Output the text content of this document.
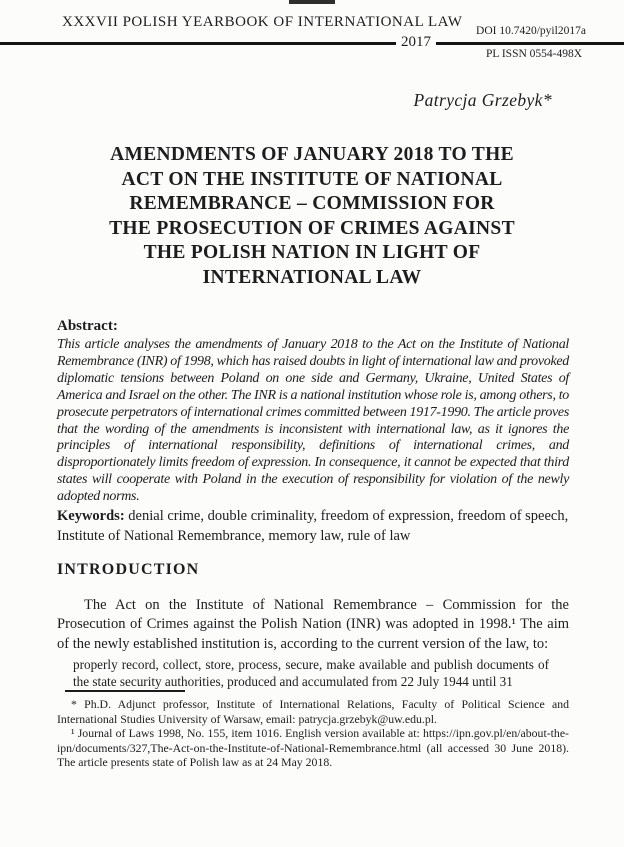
XXXVII POLISH YEARBOOK OF INTERNATIONAL LAW
2017
DOI 10.7420/pyil2017a
PL ISSN 0554-498X
Patrycja Grzebyk*
AMENDMENTS OF JANUARY 2018 TO THE
ACT ON THE INSTITUTE OF NATIONAL
REMEMBRANCE – COMMISSION FOR
THE PROSECUTION OF CRIMES AGAINST
THE POLISH NATION IN LIGHT OF
INTERNATIONAL LAW
Abstract:
This article analyses the amendments of January 2018 to the Act on the Institute of National Remembrance (INR) of 1998, which has raised doubts in light of international law and provoked diplomatic tensions between Poland on one side and Germany, Ukraine, United States of America and Israel on the other. The INR is a national institution whose role is, among others, to prosecute perpetrators of international crimes committed between 1917-1990. The article proves that the wording of the amendments is inconsistent with international law, as it ignores the principles of international responsibility, definitions of international crimes, and disproportionately limits freedom of expression. In consequence, it cannot be expected that third states will cooperate with Poland in the execution of responsibility for violation of the newly adopted norms.
Keywords: denial crime, double criminality, freedom of expression, freedom of speech, Institute of National Remembrance, memory law, rule of law
INTRODUCTION
The Act on the Institute of National Remembrance – Commission for the Prosecution of Crimes against the Polish Nation (INR) was adopted in 1998.¹ The aim of the newly established institution is, according to the current version of the law, to:
properly record, collect, store, process, secure, make available and publish documents of the state security authorities, produced and accumulated from 22 July 1944 until 31

* Ph.D. Adjunct professor, Institute of International Relations, Faculty of Political Science and International Studies University of Warsaw, email: patrycja.grzebyk@uw.edu.pl.

¹ Journal of Laws 1998, No. 155, item 1016. English version available at: https://ipn.gov.pl/en/about-the-ipn/documents/327,The-Act-on-the-Institute-of-National-Remembrance.html (all accessed 30 June 2018). The article presents state of Polish law as at 24 May 2018.
